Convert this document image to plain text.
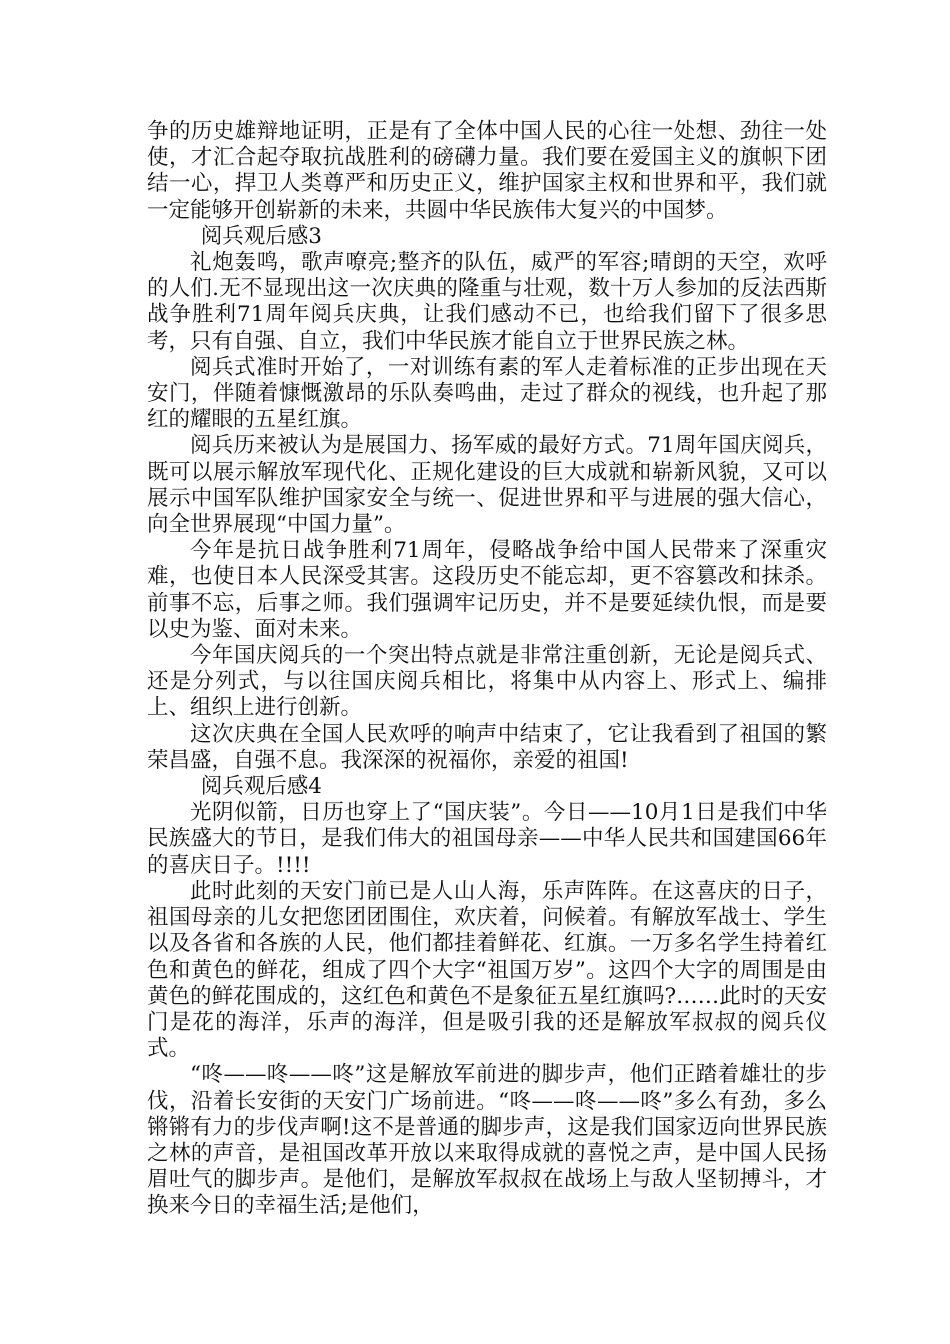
争的历史雄辩地证明，正是有了全体中国人民的心往一处想、劲往一处使，才汇合起夺取抗战胜利的磅礴力量。我们要在爱国主义的旗帜下团结一心，捍卫人类尊严和历史正义，维护国家主权和世界和平，我们就一定能够开创崭新的未来，共圆中华民族伟大复兴的中国梦。

阅兵观后感3

礼炮轰鸣，歌声嘹亮;整齐的队伍，威严的军容;晴朗的天空，欢呼的人们.无不显现出这一次庆典的隆重与壮观，数十万人参加的反法西斯战争胜利71周年阅兵庆典，让我们感动不已，也给我们留下了很多思考，只有自强、自立，我们中华民族才能自立于世界民族之林。

阅兵式准时开始了，一对训练有素的军人走着标准的正步出现在天安门，伴随着慷慨激昂的乐队奏鸣曲，走过了群众的视线，也升起了那红的耀眼的五星红旗。

阅兵历来被认为是展国力、扬军威的最好方式。71周年国庆阅兵，既可以展示解放军现代化、正规化建设的巨大成就和崭新风貌，又可以展示中国军队维护国家安全与统一、促进世界和平与进展的强大信心，向全世界展现“中国力量”。

今年是抗日战争胜利71周年，侵略战争给中国人民带来了深重灾难，也使日本人民深受其害。这段历史不能忘却，更不容篡改和抹杀。前事不忘，后事之师。我们强调牢记历史，并不是要延续仇恨，而是要以史为鉴、面对未来。

今年国庆阅兵的一个突出特点就是非常注重创新，无论是阅兵式、还是分列式，与以往国庆阅兵相比，将集中从内容上、形式上、编排上、组织上进行创新。

这次庆典在全国人民欢呼的响声中结束了，它让我看到了祖国的繁荣昌盛，自强不息。我深深的祝福你，亲爱的祖国!

阅兵观后感4

光阴似箭，日历也穿上了“国庆装”。今日——10月1日是我们中华民族盛大的节日，是我们伟大的祖国母亲——中华人民共和国建国66年的喜庆日子。!!!!

此时此刻的天安门前已是人山人海，乐声阵阵。在这喜庆的日子，祖国母亲的儿女把您团团围住，欢庆着，问候着。有解放军战士、学生以及各省和各族的人民，他们都挂着鲜花、红旗。一万多名学生持着红色和黄色的鲜花，组成了四个大字“祖国万岁”。这四个大字的周围是由黄色的鲜花围成的，这红色和黄色不是象征五星红旗吗?……此时的天安门是花的海洋，乐声的海洋，但是吸引我的还是解放军叔叔的阅兵仪式。

“咚——咚——咚”这是解放军前进的脚步声，他们正踏着雄壮的步伐，沿着长安街的天安门广场前进。“咚——咚——咚”多么有劲，多么锵锵有力的步伐声啊!这不是普通的脚步声，这是我们国家迈向世界民族之林的声音，是祖国改革开放以来取得成就的喜悦之声，是中国人民扬眉吐气的脚步声。是他们，是解放军叔叔在战场上与敌人坚韧搏斗，才换来今日的幸福生活;是他们，
